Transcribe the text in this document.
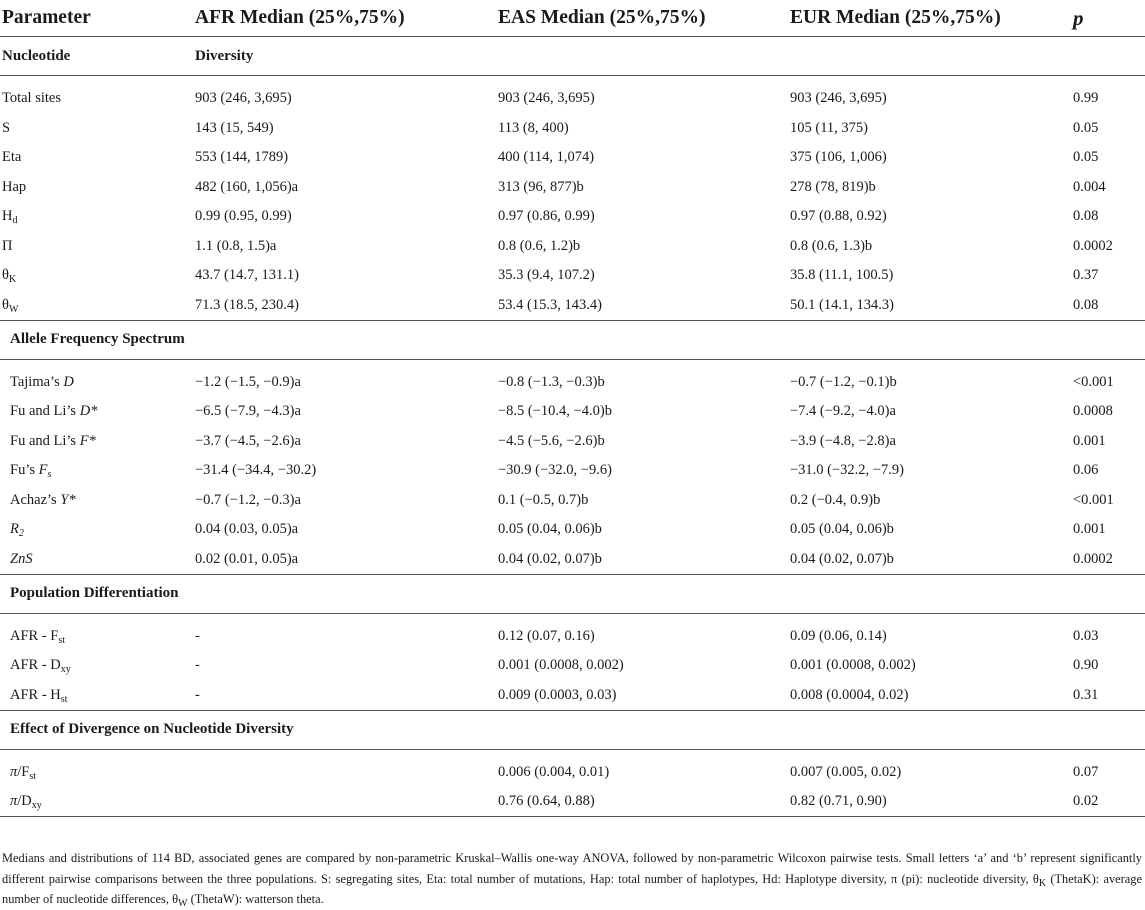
Parameter	AFR Median (25%,75%)	EAS Median (25%,75%)	EUR Median (25%,75%)	p
Nucleotide	Diversity			

Total sites	903 (246, 3,695)	903 (246, 3,695)	903 (246, 3,695)	0.99
S	143 (15, 549)	113 (8, 400)	105 (11, 375)	0.05
Eta	553 (144, 1789)	400 (114, 1,074)	375 (106, 1,006)	0.05
Hap	482 (160, 1,056)a	313 (96, 877)b	278 (78, 819)b	0.004
$H_d$	0.99 (0.95, 0.99)	0.97 (0.86, 0.99)	0.97 (0.88, 0.92)	0.08
Π	1.1 (0.8, 1.5)a	0.8 (0.6, 1.2)b	0.8 (0.6, 1.3)b	0.0002
$\theta_K$	43.7 (14.7, 131.1)	35.3 (9.4, 107.2)	35.8 (11.1, 100.5)	0.37
$\theta_W$	71.3 (18.5, 230.4)	53.4 (15.3, 143.4)	50.1 (14.1, 134.3)	0.08
Allele Frequency Spectrum				

Tajima’s D	−1.2 (−1.5, −0.9)a	−0.8 (−1.3, −0.3)b	−0.7 (−1.2, −0.1)b	<0.001
Fu and Li’s D*	−6.5 (−7.9, −4.3)a	−8.5 (−10.4, −4.0)b	−7.4 (−9.2, −4.0)a	0.0008
Fu and Li’s F*	−3.7 (−4.5, −2.6)a	−4.5 (−5.6, −2.6)b	−3.9 (−4.8, −2.8)a	0.001
Fu’s $F_s$	−31.4 (−34.4, −30.2)	−30.9 (−32.0, −9.6)	−31.0 (−32.2, −7.9)	0.06
Achaz’s Y*	−0.7 (−1.2, −0.3)a	0.1 (−0.5, 0.7)b	0.2 (−0.4, 0.9)b	<0.001
$R_2$	0.04 (0.03, 0.05)a	0.05 (0.04, 0.06)b	0.05 (0.04, 0.06)b	0.001
ZnS	0.02 (0.01, 0.05)a	0.04 (0.02, 0.07)b	0.04 (0.02, 0.07)b	0.0002
Population Differentiation				

AFR - $F_{st}$	-	0.12 (0.07, 0.16)	0.09 (0.06, 0.14)	0.03
AFR - $D_{xy}$	-	0.001 (0.0008, 0.002)	0.001 (0.0008, 0.002)	0.90
AFR - $H_{st}$	-	0.009 (0.0003, 0.03)	0.008 (0.0004, 0.02)	0.31
Effect of Divergence on Nucleotide Diversity				

$\pi/F_{st}$		0.006 (0.004, 0.01)	0.007 (0.005, 0.02)	0.07
$\pi/D_{xy}$		0.76 (0.64, 0.88)	0.82 (0.71, 0.90)	0.02
Medians and distributions of 114 BD, associated genes are compared by non-parametric Kruskal–Wallis one-way ANOVA, followed by non-parametric Wilcoxon pairwise tests. Small letters ‘a’ and ‘b’ represent significantly different pairwise comparisons between the three populations. S: segregating sites, Eta: total number of mutations, Hap: total number of haplotypes, Hd: Haplotype diversity, π (pi): nucleotide diversity, $\theta_K$ (ThetaK): average number of nucleotide differences, $\theta_W$ (ThetaW): watterson theta.
